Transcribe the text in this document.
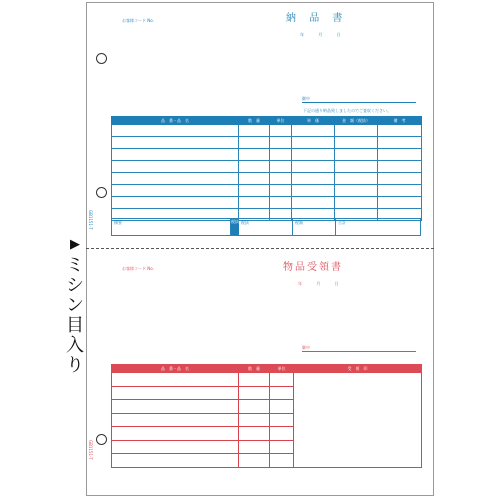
▶
ミ
シ
ン
目
入
り
お客様コード No.	納 品 書
年	月	日
御中
下記の通り納品致しましたのでご査収ください。
品　番・品　名	数　量	単位	単　価	金　額（税抜）	備　考

摘要	税抜 税抜	税額	合計
GB1151-T
お客様コード No.	物品受領書
年	月	日
御中
品　番・品　名	数　量	単位	受　領　印

GB1151-T
